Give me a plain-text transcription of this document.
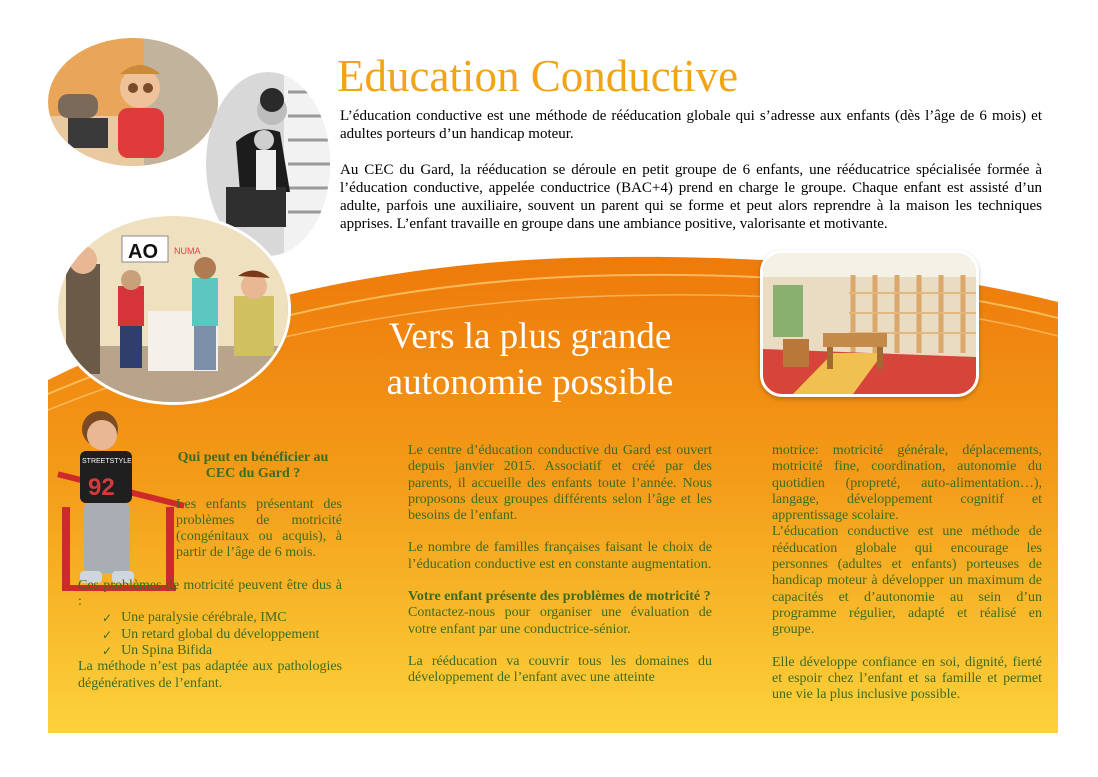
AO NUMA
STREETSTYLE
92
Education Conductive

L’éducation conductive est une méthode de rééducation globale qui s’adresse aux enfants (dès l’âge de 6 mois) et adultes porteurs d’un handicap moteur.

Au CEC du Gard, la rééducation se déroule en petit groupe de 6 enfants, une rééducatrice spécialisée formée à l’éducation conductive, appelée conductrice (BAC+4) prend en charge le groupe. Chaque enfant est assisté d’un adulte, parfois une auxiliaire, souvent un parent qui se forme et peut alors reprendre à la maison les techniques apprises. L’enfant travaille en groupe dans une ambiance positive, valorisante et motivante.

Vers la plus grande
autonomie possible

Qui peut en bénéficier au CEC du Gard ?

Les enfants présentant des problèmes de motricité (congénitaux ou acquis), à partir de l’âge de 6 mois.

Ces problèmes de motricité peuvent être dus à :

✓ Une paralysie cérébrale, IMC
✓ Un retard global du développement
✓ Un Spina Bifida

La méthode n’est pas adaptée aux pathologies dégénératives de l’enfant.

Le centre d’éducation conductive du Gard est ouvert depuis janvier 2015. Associatif et créé par des parents, il accueille des enfants toute l’année. Nous proposons deux groupes différents selon l’âge et les besoins de l’enfant.

Le nombre de familles françaises faisant le choix de l’éducation conductive est en constante augmentation.

Votre enfant présente des problèmes de motricité ?

Contactez-nous pour organiser une évaluation de votre enfant par une conductrice-sénior.

La rééducation va couvrir tous les domaines du développement de l’enfant avec une atteinte

motrice: motricité générale, déplacements, motricité fine, coordination, autonomie du quotidien (propreté, auto-alimentation…), langage, développement cognitif et apprentissage scolaire.

L’éducation conductive est une méthode de rééducation globale qui encourage les personnes (adultes et enfants) porteuses de handicap moteur à développer un maximum de capacités et d’autonomie au sein d’un programme régulier, adapté et réalisé en groupe.

Elle développe confiance en soi, dignité, fierté et espoir chez l’enfant et sa famille et permet une vie la plus inclusive possible.
